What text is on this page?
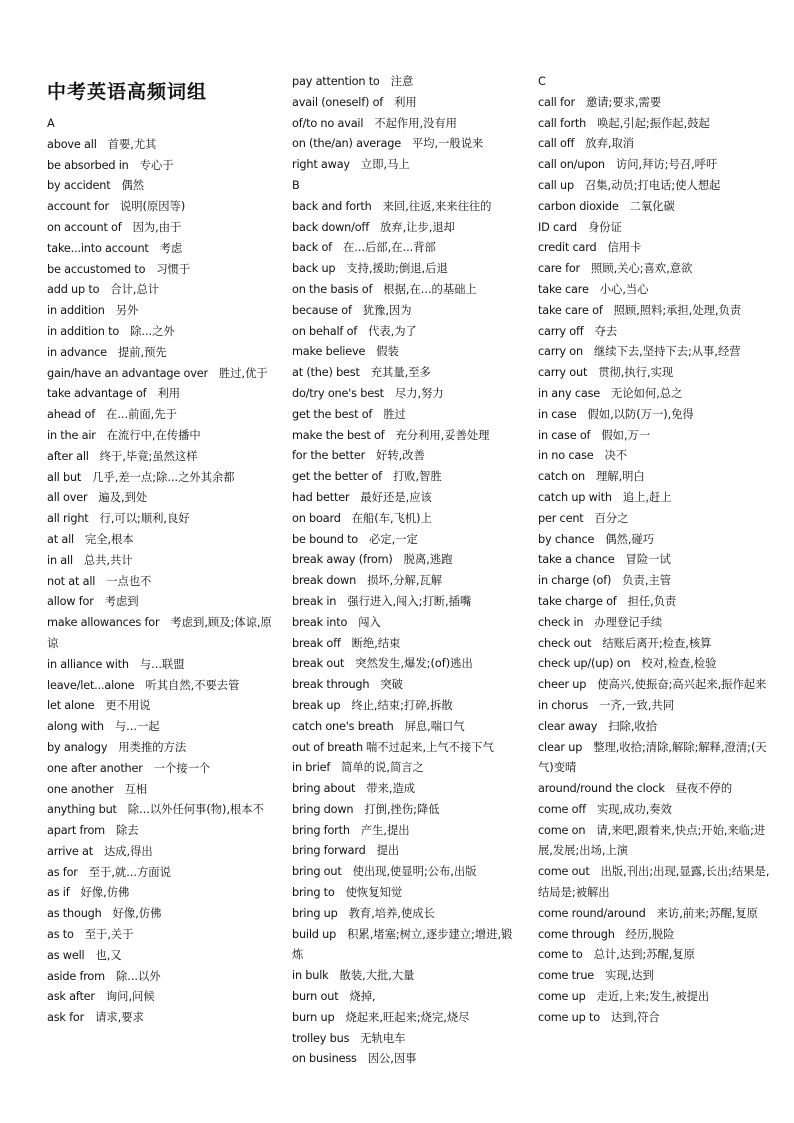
中考英语高频词组
A
above all 首要,尤其
be absorbed in 专心于
by accident 偶然
account for 说明(原因等)
on account of 因为,由于
take...into account 考虑
be accustomed to 习惯于
add up to 合计,总计
in addition 另外
in addition to 除...之外
in advance 提前,预先
gain/have an advantage over 胜过,优于
take advantage of 利用
ahead of 在...前面,先于
in the air 在流行中,在传播中
after all 终于,毕竟;虽然这样
all but 几乎,差一点;除...之外其余都
all over 遍及,到处
all right 行,可以;顺利,良好
at all 完全,根本
in all 总共,共计
not at all 一点也不
allow for 考虑到
make allowances for 考虑到,顾及;体谅,原谅
in alliance with 与...联盟
leave/let...alone 听其自然,不要去管
let alone 更不用说
along with 与...一起
by analogy 用类推的方法
one after another 一个接一个
one another 互相
anything but 除...以外任何事(物),根本不
apart from 除去
arrive at 达成,得出
as for 至于,就...方面说
as if 好像,仿佛
as though 好像,仿佛
as to 至于,关于
as well 也,又
aside from 除...以外
ask after 询问,问候
ask for 请求,要求
pay attention to 注意
avail (oneself) of 利用
of/to no avail 不起作用,没有用
on (the/an) average 平均,一般说来
right away 立即,马上
B
back and forth 来回,往返,来来往往的
back down/off 放弃,让步,退却
back of 在...后部,在...背部
back up 支持,援助;倒退,后退
on the basis of 根据,在...的基础上
because of 犹豫,因为
on behalf of 代表,为了
make believe 假装
at (the) best 充其量,至多
do/try one's best 尽力,努力
get the best of 胜过
make the best of 充分利用,妥善处理
for the better 好转,改善
get the better of 打败,智胜
had better 最好还是,应该
on board 在船(车,飞机)上
be bound to 必定,一定
break away (from) 脱离,逃跑
break down 损坏,分解,瓦解
break in 强行进入,闯入;打断,插嘴
break into 闯入
break off 断绝,结束
break out 突然发生,爆发;(of)逃出
break through 突破
break up 终止,结束;打碎,拆散
catch one's breath 屏息,喘口气
out of breath 喘不过起来,上气不接下气
in brief 简单的说,简言之
bring about 带来,造成
bring down 打倒,挫伤;降低
bring forth 产生,提出
bring forward 提出
bring out 使出现,使显明;公布,出版
bring to 使恢复知觉
bring up 教育,培养,使成长
build up 积累,堵塞;树立,逐步建立;增进,锻炼
in bulk 散装,大批,大量
burn out 烧掉,
burn up 烧起来,旺起来;烧完,烧尽
trolley bus 无轨电车
on business 因公,因事
C
call for 邀请;要求,需要
call forth 唤起,引起;振作起,鼓起
call off 放弃,取消
call on/upon 访问,拜访;号召,呼吁
call up 召集,动员;打电话;使人想起
carbon dioxide 二氧化碳
ID card 身份证
credit card 信用卡
care for 照顾,关心;喜欢,意欲
take care 小心,当心
take care of 照顾,照料;承担,处理,负责
carry off 夺去
carry on 继续下去,坚持下去;从事,经营
carry out 贯彻,执行,实现
in any case 无论如何,总之
in case 假如,以防(万一),免得
in case of 假如,万一
in no case 决不
catch on 理解,明白
catch up with 追上,赶上
per cent 百分之
by chance 偶然,碰巧
take a chance 冒险一试
in charge (of) 负责,主管
take charge of 担任,负责
check in 办理登记手续
check out 结账后离开;检查,核算
check up/(up) on 校对,检查,检验
cheer up 使高兴,使振奋;高兴起来,振作起来
in chorus 一齐,一致,共同
clear away 扫除,收拾
clear up 整理,收拾;清除,解除;解释,澄清;(天气)变晴
around/round the clock 昼夜不停的
come off 实现,成功,奏效
come on 请,来吧,跟着来,快点;开始,来临;进展,发展;出场,上演
come out 出版,刊出;出现,显露,长出;结果是,结局是;被解出
come round/around 来访,前来;苏醒,复原
come through 经历,脱险
come to 总计,达到;苏醒,复原
come true 实现,达到
come up 走近,上来;发生,被提出
come up to 达到,符合
